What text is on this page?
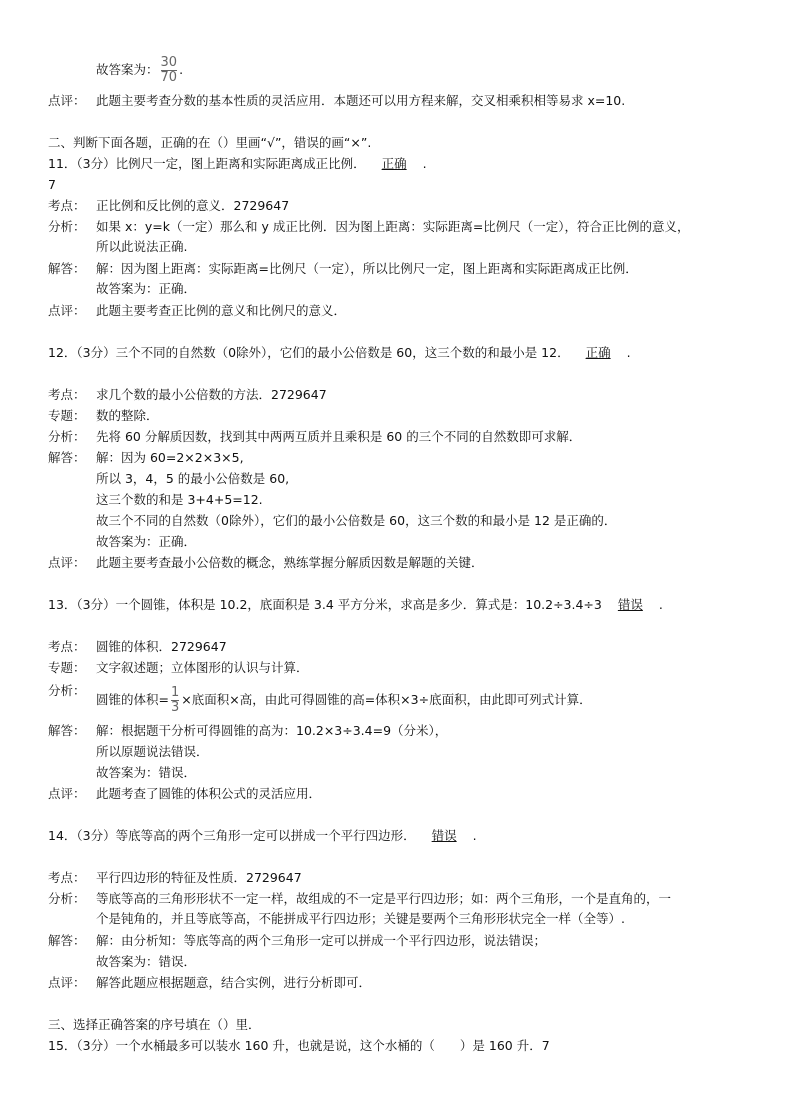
故答案为： $\frac{30}{70}$ .
点评： 此题主要考查分数的基本性质的灵活应用．本题还可以用方程来解，交叉相乘积相等易求 x=10.
二、判断下面各题，正确的在（）里画“√”，错误的画“×”.
11．（3分）比例尺一定，图上距离和实际距离成正比例． 正确 .
7
考点： 正比例和反比例的意义．2729647
分析： 如果 x：y=k（一定）那么和 y 成正比例．因为图上距离：实际距离=比例尺（一定），符合正比例的意义，
所以此说法正确.
解答： 解：因为图上距离：实际距离=比例尺（一定），所以比例尺一定，图上距离和实际距离成正比例．
故答案为：正确．
点评： 此题主要考查正比例的意义和比例尺的意义．
12．（3分）三个不同的自然数（0除外），它们的最小公倍数是 60，这三个数的和最小是 12． 正确 .
考点： 求几个数的最小公倍数的方法．2729647
专题： 数的整除．
分析： 先将 60 分解质因数，找到其中两两互质并且乘积是 60 的三个不同的自然数即可求解．
解答： 解：因为 60=2×2×3×5,
所以 3，4，5 的最小公倍数是 60,
这三个数的和是 3+4+5=12.
故三个不同的自然数（0除外），它们的最小公倍数是 60，这三个数的和最小是 12 是正确的．
故答案为：正确．
点评： 此题主要考查最小公倍数的概念，熟练掌握分解质因数是解题的关键．
13．（3分）一个圆锥，体积是 10.2，底面积是 3.4 平方分米，求高是多少．算式是：10.2÷3.4÷3 错误 .
考点： 圆锥的体积．2729647
专题： 文字叙述题；立体图形的认识与计算．
分析：
圆锥的体积= $\frac{1}{3}$ ×底面积×高，由此可得圆锥的高=体积×3÷底面积，由此即可列式计算．
解答： 解：根据题干分析可得圆锥的高为：10.2×3÷3.4=9（分米），
所以原题说法错误．
故答案为：错误．
点评： 此题考查了圆锥的体积公式的灵活应用．
14．（3分）等底等高的两个三角形一定可以拼成一个平行四边形． 错误 .
考点： 平行四边形的特征及性质．2729647
分析： 等底等高的三角形形状不一定一样，故组成的不一定是平行四边形；如：两个三角形，一个是直角的，一
个是钝角的，并且等底等高，不能拼成平行四边形；关键是要两个三角形形状完全一样（全等）.
解答： 解：由分析知：等底等高的两个三角形一定可以拼成一个平行四边形，说法错误；
故答案为：错误．
点评： 解答此题应根据题意，结合实例，进行分析即可．
三、选择正确答案的序号填在（）里．
15．（3分）一个水桶最多可以装水 160 升，也就是说，这个水桶的（　　）是 160 升．7
